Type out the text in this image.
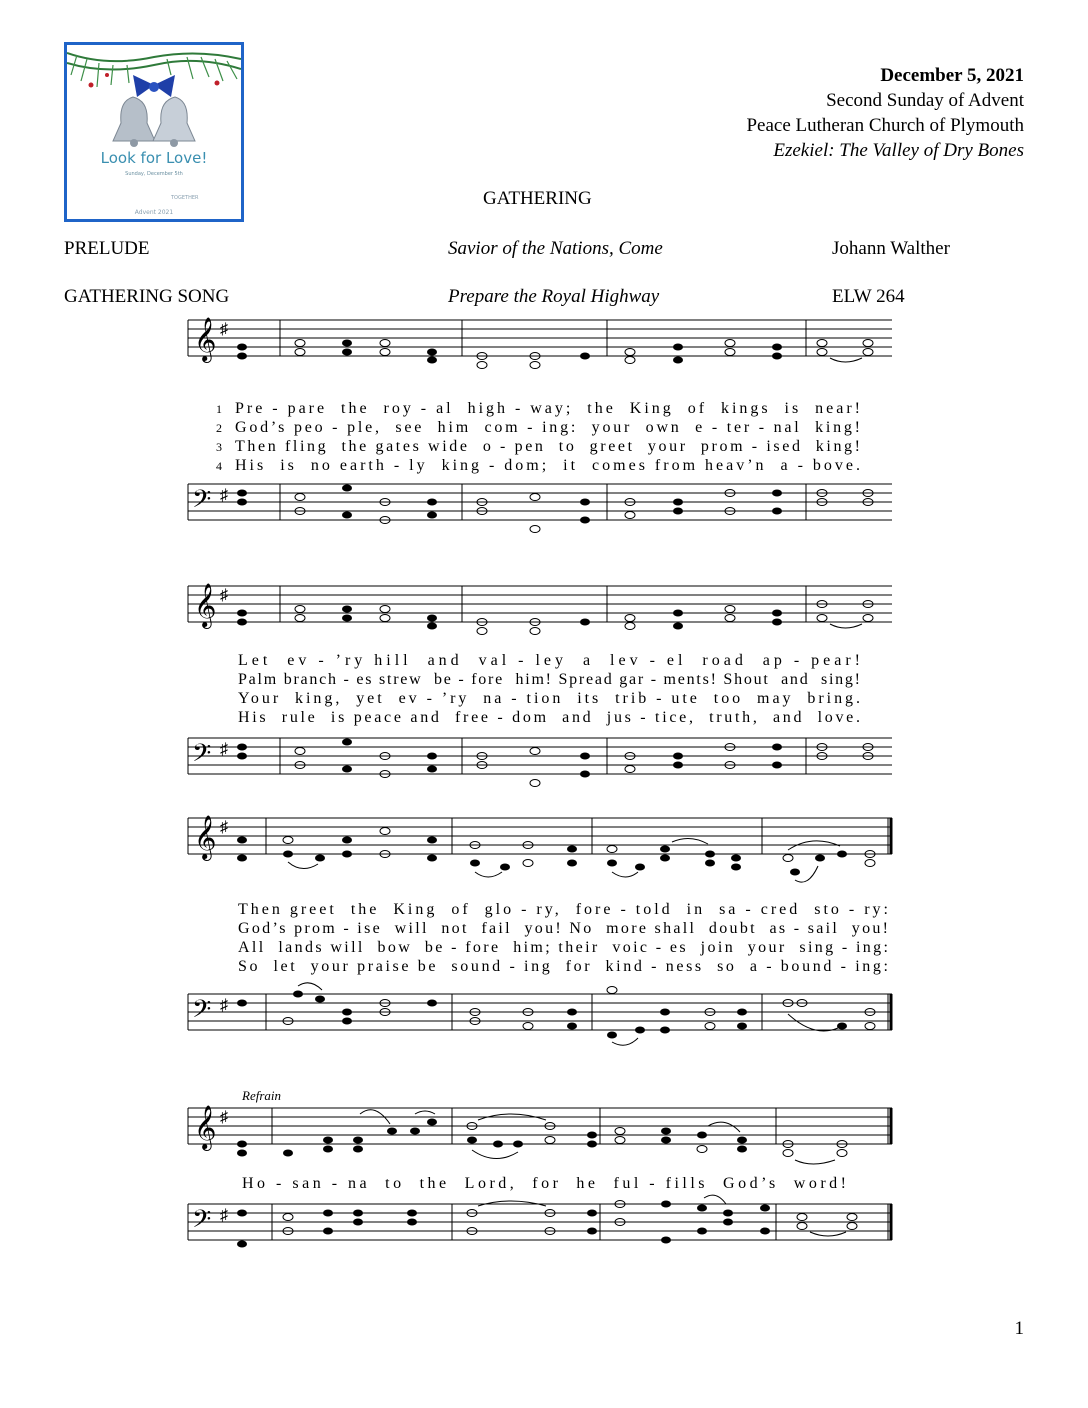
Look for Love!
Sunday, December 5th
TOGETHER
Advent 2021
December 5, 2021
Second Sunday of Advent
Peace Lutheran Church of Plymouth
Ezekiel: The Valley of Dry Bones
GATHERING
PRELUDE	Savior of the Nations, Come	Johann Walther
GATHERING SONG	Prepare the Royal Highway	ELW 264
𝄞 ♯
1
2
3
4
Pre - pare  the  roy - al  high - way;  the  King  of  kings  is  near!
God’s peo - ple,  see  him  com - ing:  your  own  e - ter - nal  king!
Then fling  the gates wide  o - pen  to  greet  your  prom - ised  king!
His  is  no earth - ly  king - dom;  it  comes from heav’n  a - bove.
𝄢 ♯
𝄞 ♯
Let  ev - ’ry hill  and  val - ley  a  lev - el  road  ap - pear!
Palm branch - es strew  be - fore  him! Spread gar - ments! Shout  and  sing!
Your  king,  yet  ev - ’ry  na - tion  its  trib - ute  too  may  bring.
His  rule  is peace and  free - dom  and  jus - tice,  truth,  and  love.
𝄢 ♯
𝄞 ♯
Then greet  the  King  of  glo - ry,  fore - told  in  sa - cred  sto - ry:
God’s prom - ise  will  not  fail  you! No  more shall  doubt  as - sail  you!
All  lands will  bow  be - fore  him; their  voic - es  join  your  sing - ing:
So  let  your praise be  sound - ing  for  kind - ness  so  a - bound - ing:
𝄢 ♯
Refrain
𝄞 ♯
Ho - san - na  to  the  Lord,  for  he  ful - fills  God’s  word!
𝄢 ♯
1
